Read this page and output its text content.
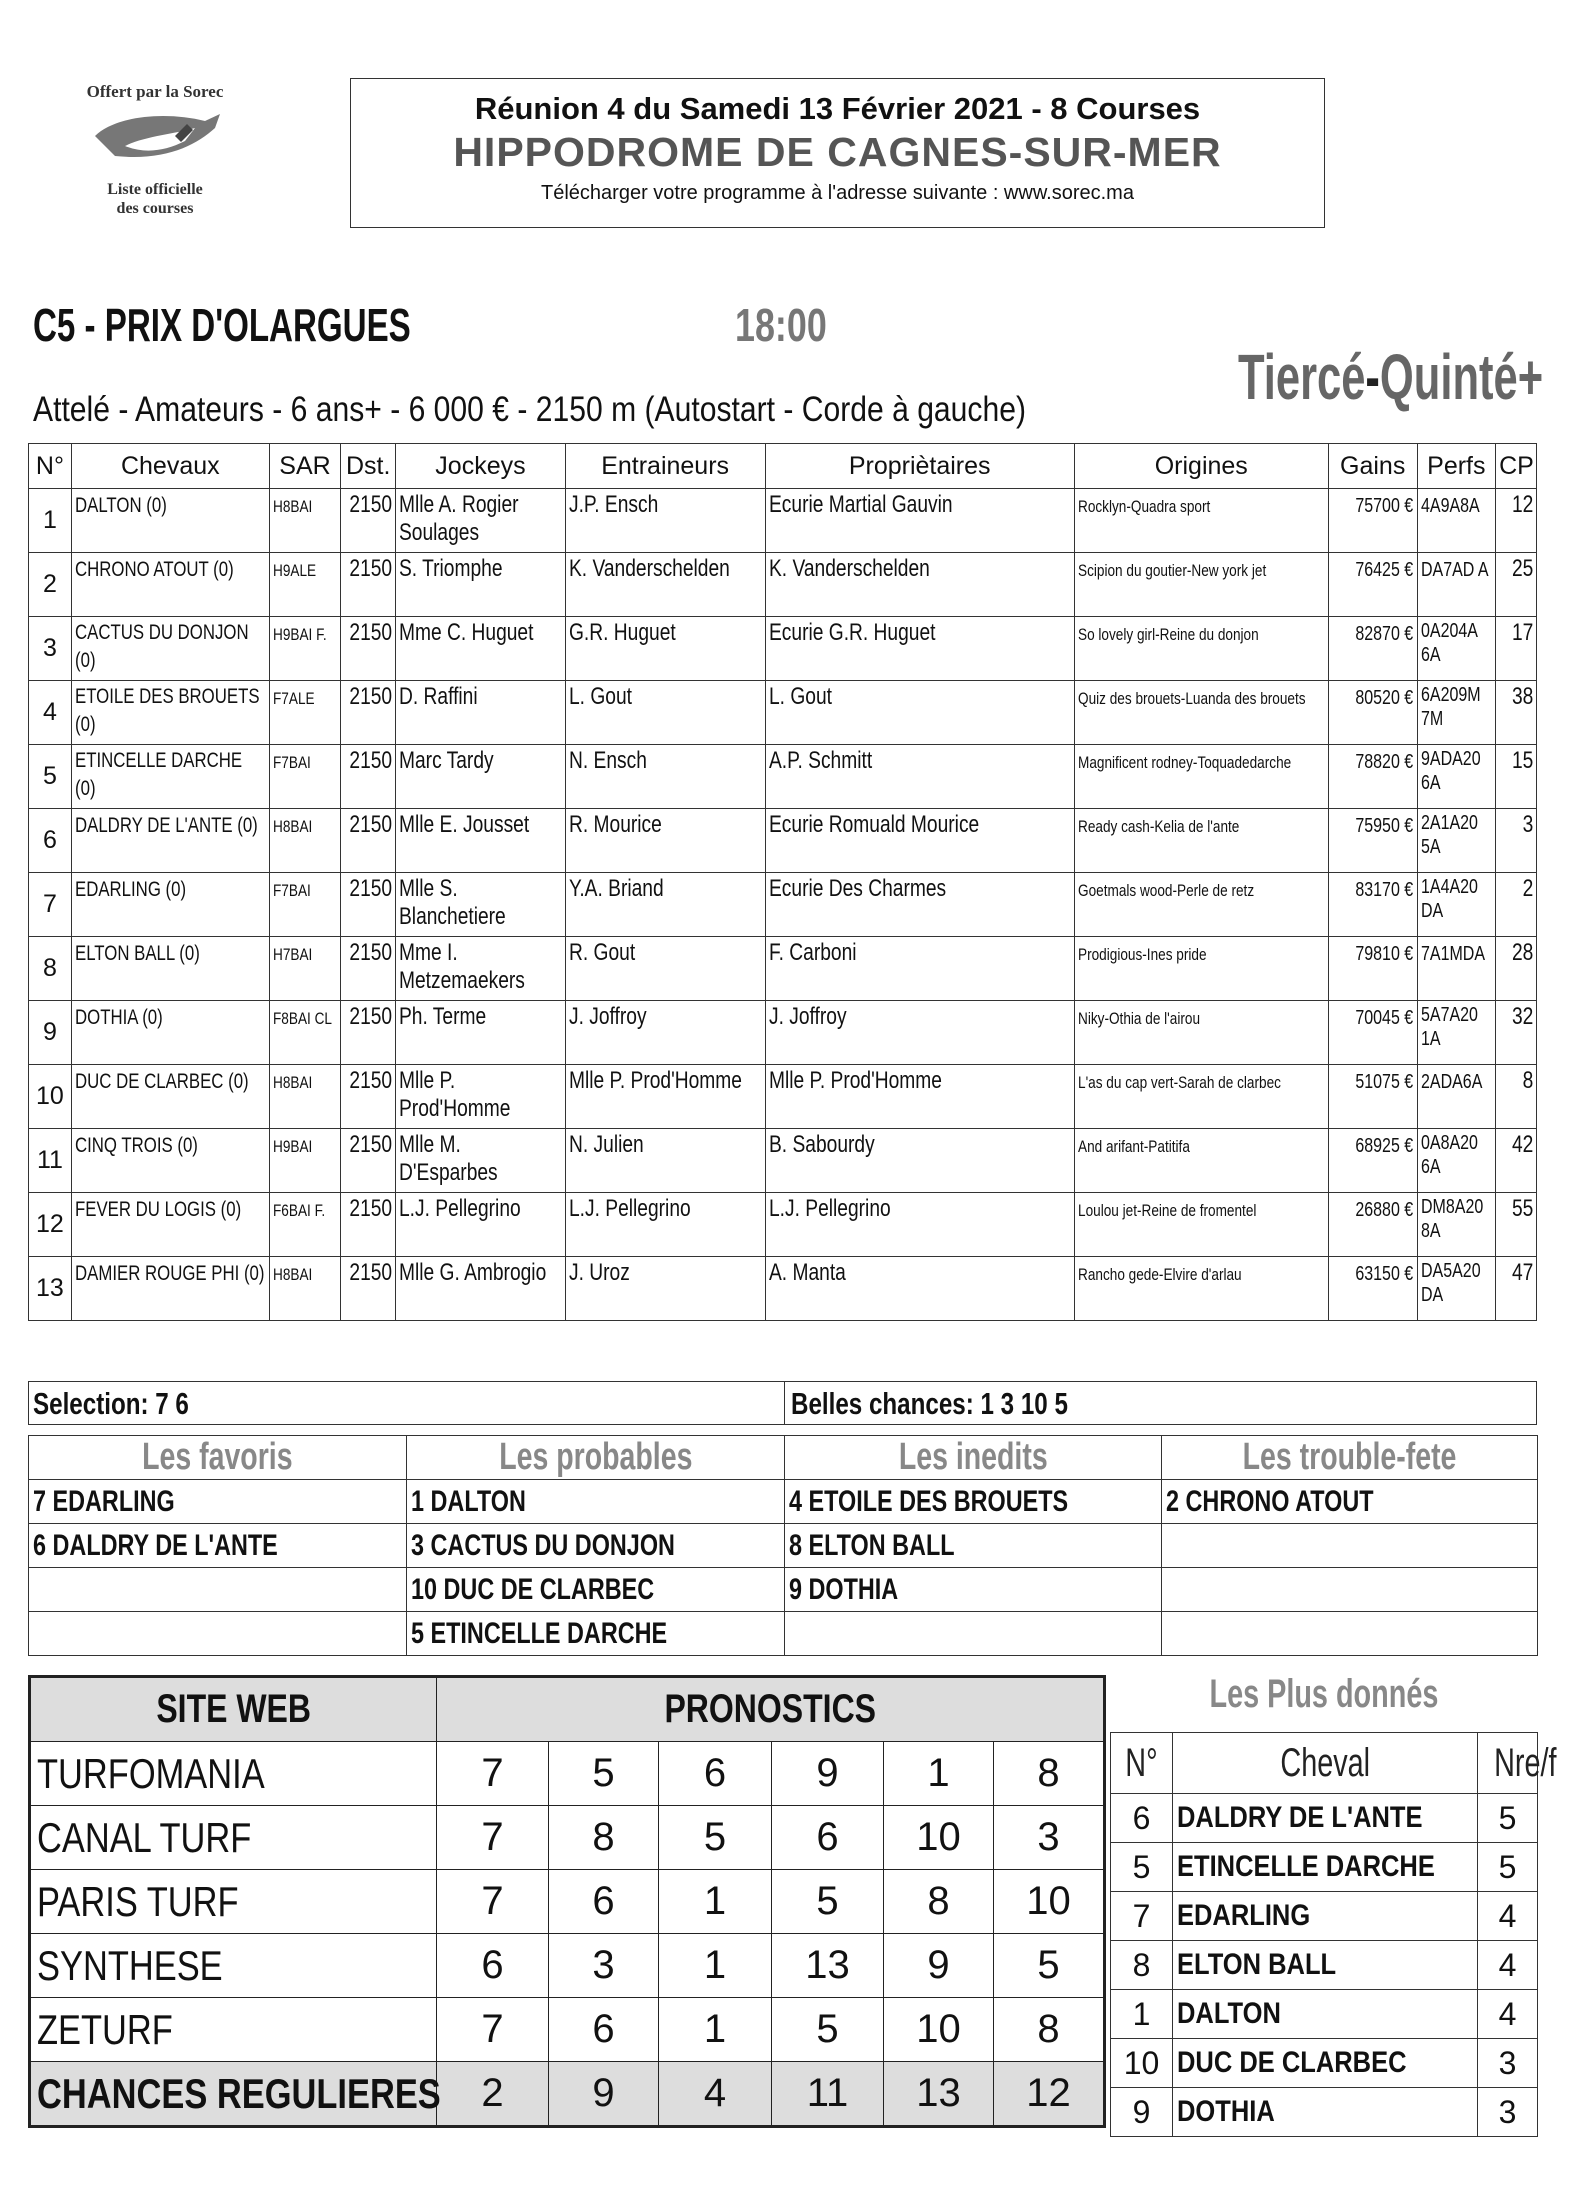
Offert par la Sorec
Liste officielle
des courses
Réunion 4 du Samedi 13 Février 2021 - 8 Courses
HIPPODROME DE CAGNES-SUR-MER
Télécharger votre programme à l'adresse suivante : www.sorec.ma
C5 - PRIX D'OLARGUES	18:00
Tiercé-Quinté+
Attelé - Amateurs - 6 ans+ - 6 000 € - 2150 m (Autostart - Corde à gauche)
N°	Chevaux	SAR	Dst.	Jockeys	Entraineurs	Propriètaires	Origines	Gains	Perfs	CP
1	DALTON (0)	H8BAI	2150	Mlle A. Rogier Soulages	J.P. Ensch	Ecurie Martial Gauvin	Rocklyn-Quadra sport	75700 €	4A9A8A	12
2	CHRONO ATOUT (0)	H9ALE	2150	S. Triomphe	K. Vanderschelden	K. Vanderschelden	Scipion du goutier-New york jet	76425 €	DA7AD A	25
3	CACTUS DU DONJON (0)	H9BAI F.	2150	Mme C. Huguet	G.R. Huguet	Ecurie G.R. Huguet	So lovely girl-Reine du donjon	82870 €	0A204A 6A	17
4	ETOILE DES BROUETS (0)	F7ALE	2150	D. Raffini	L. Gout	L. Gout	Quiz des brouets-Luanda des brouets	80520 €	6A209M 7M	38
5	ETINCELLE DARCHE (0)	F7BAI	2150	Marc Tardy	N. Ensch	A.P. Schmitt	Magnificent rodney-Toquadedarche	78820 €	9ADA20 6A	15
6	DALDRY DE L'ANTE (0)	H8BAI	2150	Mlle E. Jousset	R. Mourice	Ecurie Romuald Mourice	Ready cash-Kelia de l'ante	75950 €	2A1A20 5A	3
7	EDARLING (0)	F7BAI	2150	Mlle S. Blanchetiere	Y.A. Briand	Ecurie Des Charmes	Goetmals wood-Perle de retz	83170 €	1A4A20 DA	2
8	ELTON BALL (0)	H7BAI	2150	Mme I. Metzemaekers	R. Gout	F. Carboni	Prodigious-Ines pride	79810 €	7A1MDA	28
9	DOTHIA (0)	F8BAI CL	2150	Ph. Terme	J. Joffroy	J. Joffroy	Niky-Othia de l'airou	70045 €	5A7A20 1A	32
10	DUC DE CLARBEC (0)	H8BAI	2150	Mlle P. Prod'Homme	Mlle P. Prod'Homme	Mlle P. Prod'Homme	L'as du cap vert-Sarah de clarbec	51075 €	2ADA6A	8
11	CINQ TROIS (0)	H9BAI	2150	Mlle M. D'Esparbes	N. Julien	B. Sabourdy	And arifant-Patitifa	68925 €	0A8A20 6A	42
12	FEVER DU LOGIS (0)	F6BAI F.	2150	L.J. Pellegrino	L.J. Pellegrino	L.J. Pellegrino	Loulou jet-Reine de fromentel	26880 €	DM8A20 8A	55
13	DAMIER ROUGE PHI (0)	H8BAI	2150	Mlle G. Ambrogio	J. Uroz	A. Manta	Rancho gede-Elvire d'arlau	63150 €	DA5A20 DA	47
Selection: 7 6	Belles chances: 1 3 10 5
Les favoris	Les probables	Les inedits	Les trouble-fete
7 EDARLING	1 DALTON	4 ETOILE DES BROUETS	2 CHRONO ATOUT
6 DALDRY DE L'ANTE	3 CACTUS DU DONJON	8 ELTON BALL	
	10 DUC DE CLARBEC	9 DOTHIA	
	5 ETINCELLE DARCHE		
SITE WEB	PRONOSTICS					
TURFOMANIA	7	5	6	9	1	8
CANAL TURF	7	8	5	6	10	3
PARIS TURF	7	6	1	5	8	10
SYNTHESE	6	3	1	13	9	5
ZETURF	7	6	1	5	10	8
CHANCES REGULIERES	2	9	4	11	13	12
Les Plus donnés
N°	Cheval	Nre/f
6	DALDRY DE L'ANTE	5
5	ETINCELLE DARCHE	5
7	EDARLING	4
8	ELTON BALL	4
1	DALTON	4
10	DUC DE CLARBEC	3
9	DOTHIA	3
